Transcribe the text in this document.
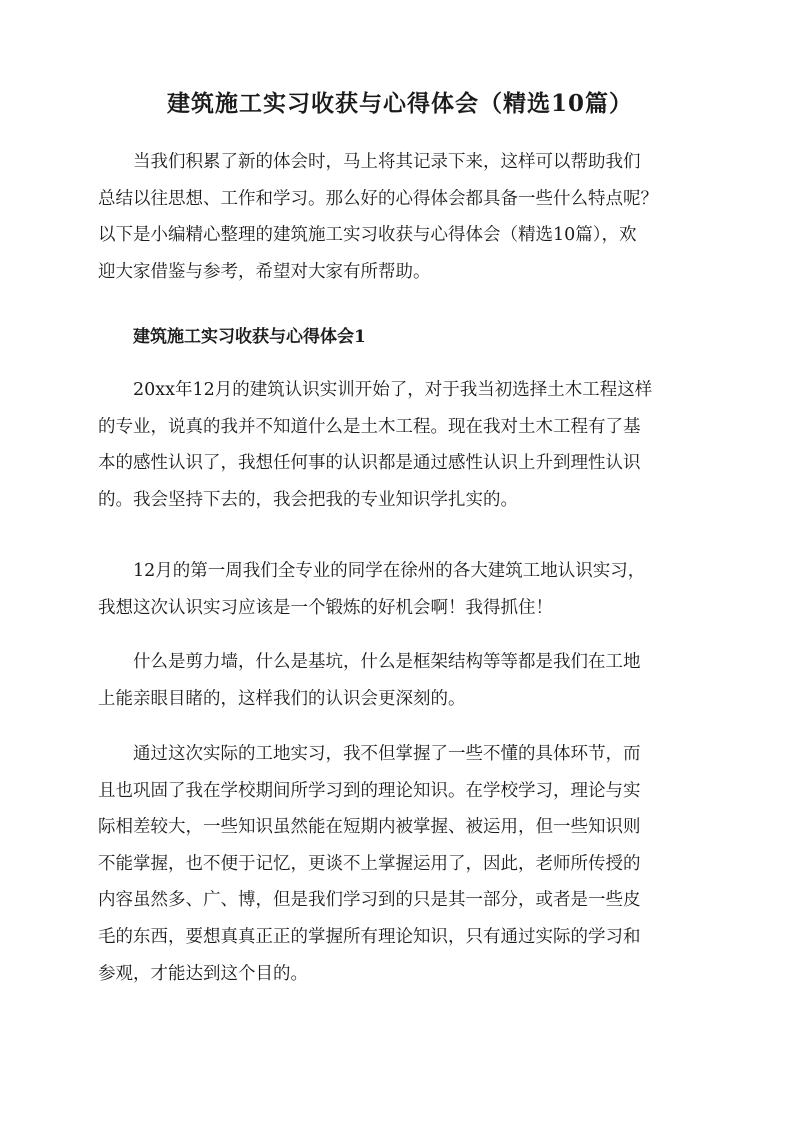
建筑施工实习收获与心得体会（精选10篇）

当我们积累了新的体会时，马上将其记录下来，这样可以帮助我们
总结以往思想、工作和学习。那么好的心得体会都具备一些什么特点呢？
以下是小编精心整理的建筑施工实习收获与心得体会（精选10篇），欢
迎大家借鉴与参考，希望对大家有所帮助。

建筑施工实习收获与心得体会1

20xx年12月的建筑认识实训开始了，对于我当初选择土木工程这样
的专业，说真的我并不知道什么是土木工程。现在我对土木工程有了基
本的感性认识了，我想任何事的认识都是通过感性认识上升到理性认识
的。我会坚持下去的，我会把我的专业知识学扎实的。

12月的第一周我们全专业的同学在徐州的各大建筑工地认识实习，
我想这次认识实习应该是一个锻炼的好机会啊！我得抓住！

什么是剪力墙，什么是基坑，什么是框架结构等等都是我们在工地
上能亲眼目睹的，这样我们的认识会更深刻的。

通过这次实际的工地实习，我不但掌握了一些不懂的具体环节，而
且也巩固了我在学校期间所学习到的理论知识。在学校学习，理论与实
际相差较大，一些知识虽然能在短期内被掌握、被运用，但一些知识则
不能掌握，也不便于记忆，更谈不上掌握运用了，因此，老师所传授的
内容虽然多、广、博，但是我们学习到的只是其一部分，或者是一些皮
毛的东西，要想真真正正的掌握所有理论知识，只有通过实际的学习和
参观，才能达到这个目的。
